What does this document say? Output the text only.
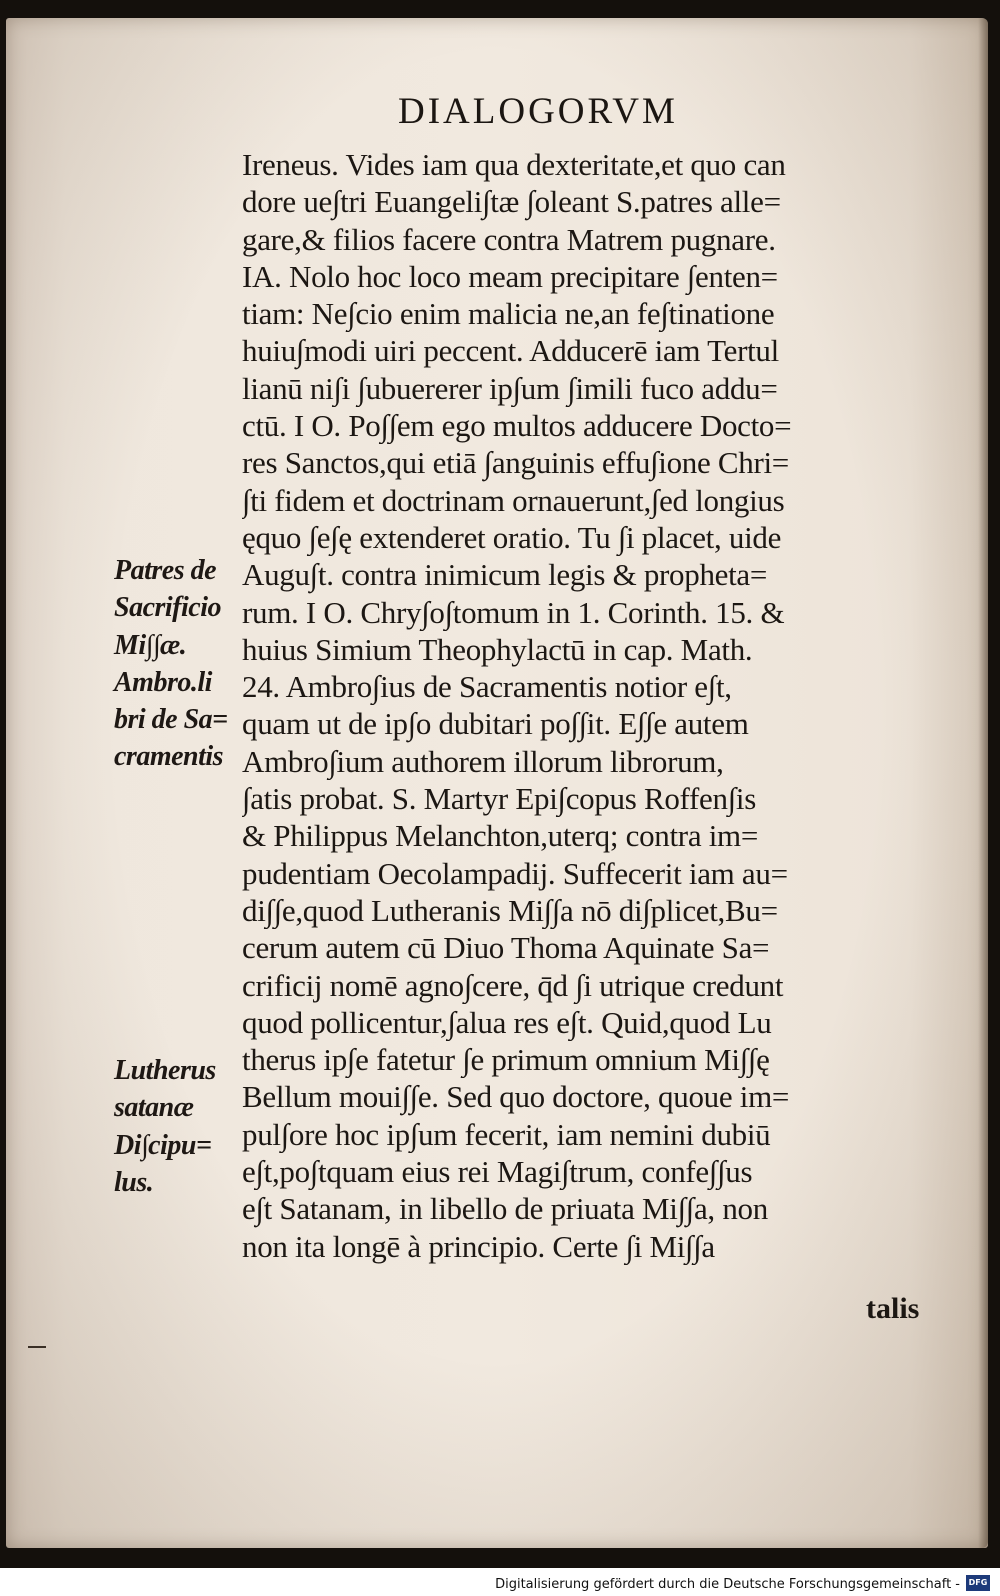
DIALOGORVM
Patres de
Sacrificio
Mi∫∫æ.
Ambro.li
bri de Sa=
cramentis
Lutherus
satanæ
Di∫cipu=
lus.
Ireneus. Vides iam qua dexteritate,et quo can
dore ue∫tri Euangeli∫tæ ∫oleant S.patres alle=
gare,& filios facere contra Matrem pugnare.
IA. Nolo hoc loco meam precipitare ∫enten=
tiam: Ne∫cio enim malicia ne,an fe∫tinatione
huiu∫modi uiri peccent. Adducerē iam Tertul
lianū ni∫i ∫ubuererer ip∫um ∫imili fuco addu=
ctū. I O. Po∫∫em ego multos adducere Docto=
res Sanctos,qui etiā ∫anguinis effu∫ione Chri=
∫ti fidem et doctrinam ornauerunt,∫ed longius
ęquo ∫e∫ę extenderet oratio. Tu ∫i placet, uide
Augu∫t. contra inimicum legis & propheta=
rum. I O. Chry∫o∫tomum in 1. Corinth. 15. &
huius Simium Theophylactū in cap. Math.
24. Ambro∫ius de Sacramentis notior e∫t,
quam ut de ip∫o dubitari po∫∫it. E∫∫e autem
Ambro∫ium authorem illorum librorum,
∫atis probat. S. Martyr Epi∫copus Roffen∫is
& Philippus Melanchton,uterq; contra im=
pudentiam Oecolampadij. Suffecerit iam au=
di∫∫e,quod Lutheranis Mi∫∫a nō di∫plicet,Bu=
cerum autem cū Diuo Thoma Aquinate Sa=
crificij nomē agno∫cere, q̄d ∫i utrique credunt
quod pollicentur,∫alua res e∫t. Quid,quod Lu
therus ip∫e fatetur ∫e primum omnium Mi∫∫ę
Bellum moui∫∫e. Sed quo doctore, quoue im=
pul∫ore hoc ip∫um fecerit, iam nemini dubiū
e∫t,po∫tquam eius rei Magi∫trum, confe∫∫us
e∫t Satanam, in libello de priuata Mi∫∫a, non
non ita longē à principio. Certe ∫i Mi∫∫a

talis

Digitalisierung gefördert durch die Deutsche Forschungsgemeinschaft -	DFG
